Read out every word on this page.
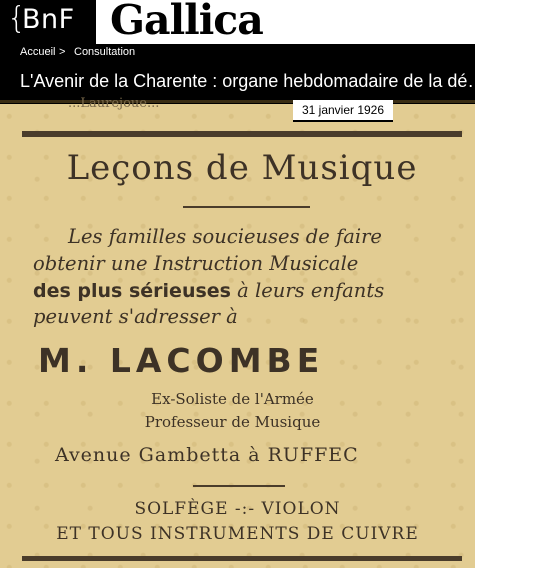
{
BnF Gallica
Accueil > Consultation
L'Avenir de la Charente : organe hebdomadaire de la dé…
31 janvier 1926
...Laurejoue...
Leçons de Musique
Les familles soucieuses de faire
obtenir une Instruction Musicale
des plus sérieuses à leurs enfants
peuvent s'adresser à
M. LACOMBE
Ex-Soliste de l'Armée
Professeur de Musique
Avenue Gambetta à RUFFEC
SOLFÈGE -:- VIOLON
ET TOUS INSTRUMENTS DE CUIVRE
